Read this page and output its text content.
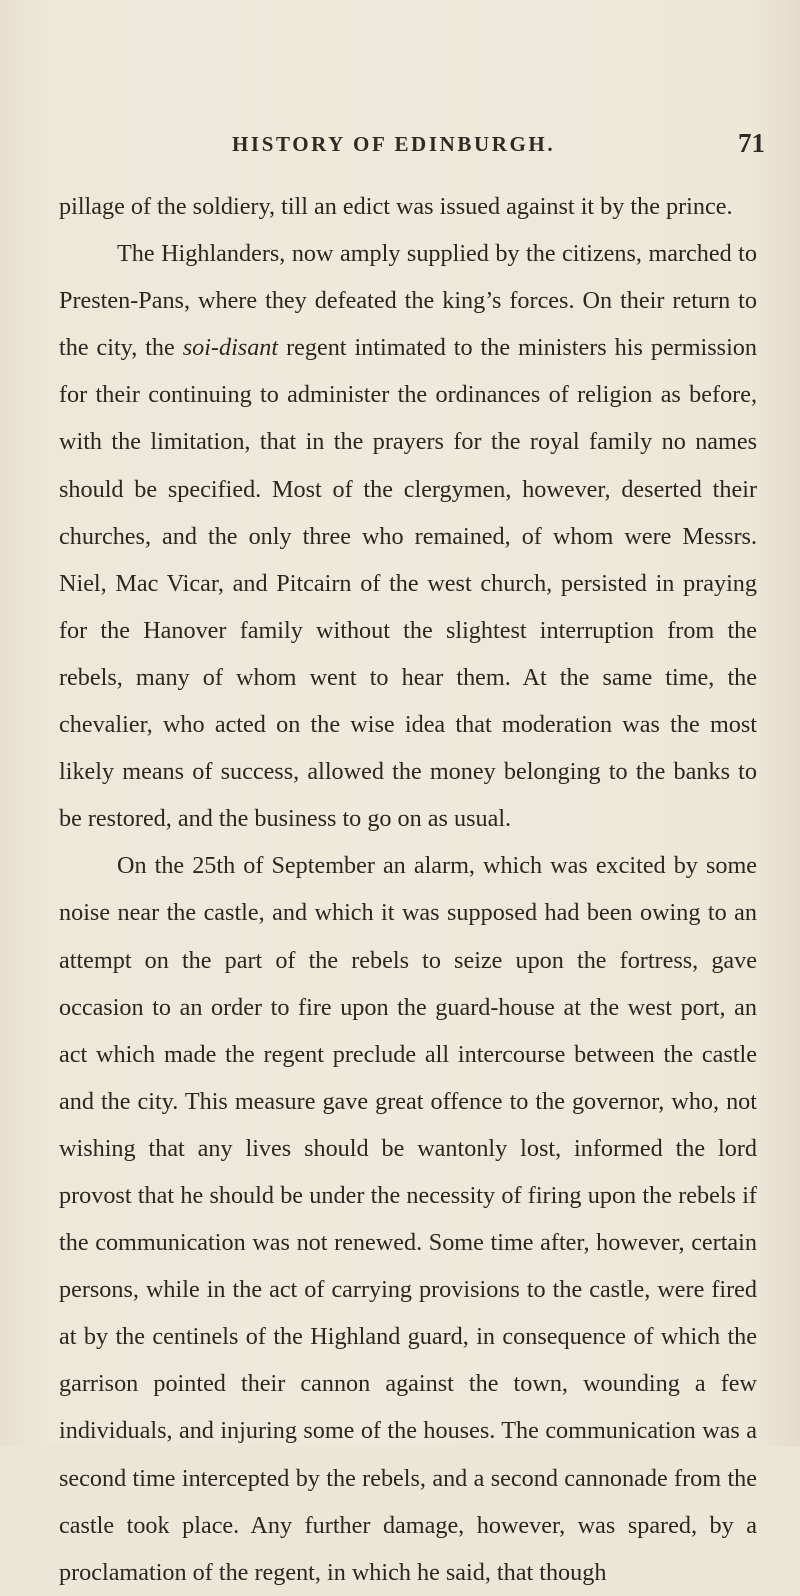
HISTORY OF EDINBURGH.	71

pillage of the soldiery, till an edict was issued against it by the prince.

The Highlanders, now amply supplied by the citizens, marched to Presten-Pans, where they defeated the king’s forces. On their return to the city, the soi-disant regent intimated to the ministers his permission for their continuing to administer the ordinances of religion as before, with the limitation, that in the prayers for the royal family no names should be specified. Most of the clergymen, however, deserted their churches, and the only three who remained, of whom were Messrs. Niel, Mac Vicar, and Pitcairn of the west church, persisted in praying for the Hanover family without the slightest interruption from the rebels, many of whom went to hear them. At the same time, the chevalier, who acted on the wise idea that moderation was the most likely means of success, allowed the money belonging to the banks to be restored, and the business to go on as usual.

On the 25th of September an alarm, which was excited by some noise near the castle, and which it was supposed had been owing to an attempt on the part of the rebels to seize upon the fortress, gave occasion to an order to fire upon the guard-house at the west port, an act which made the regent preclude all intercourse between the castle and the city. This measure gave great offence to the governor, who, not wishing that any lives should be wantonly lost, informed the lord provost that he should be under the necessity of firing upon the rebels if the communication was not renewed. Some time after, however, certain persons, while in the act of carrying provisions to the castle, were fired at by the centinels of the Highland guard, in consequence of which the garrison pointed their cannon against the town, wounding a few individuals, and injuring some of the houses. The communication was a second time intercepted by the rebels, and a second cannonade from the castle took place. Any further damage, however, was spared, by a proclamation of the regent, in which he said, that though
